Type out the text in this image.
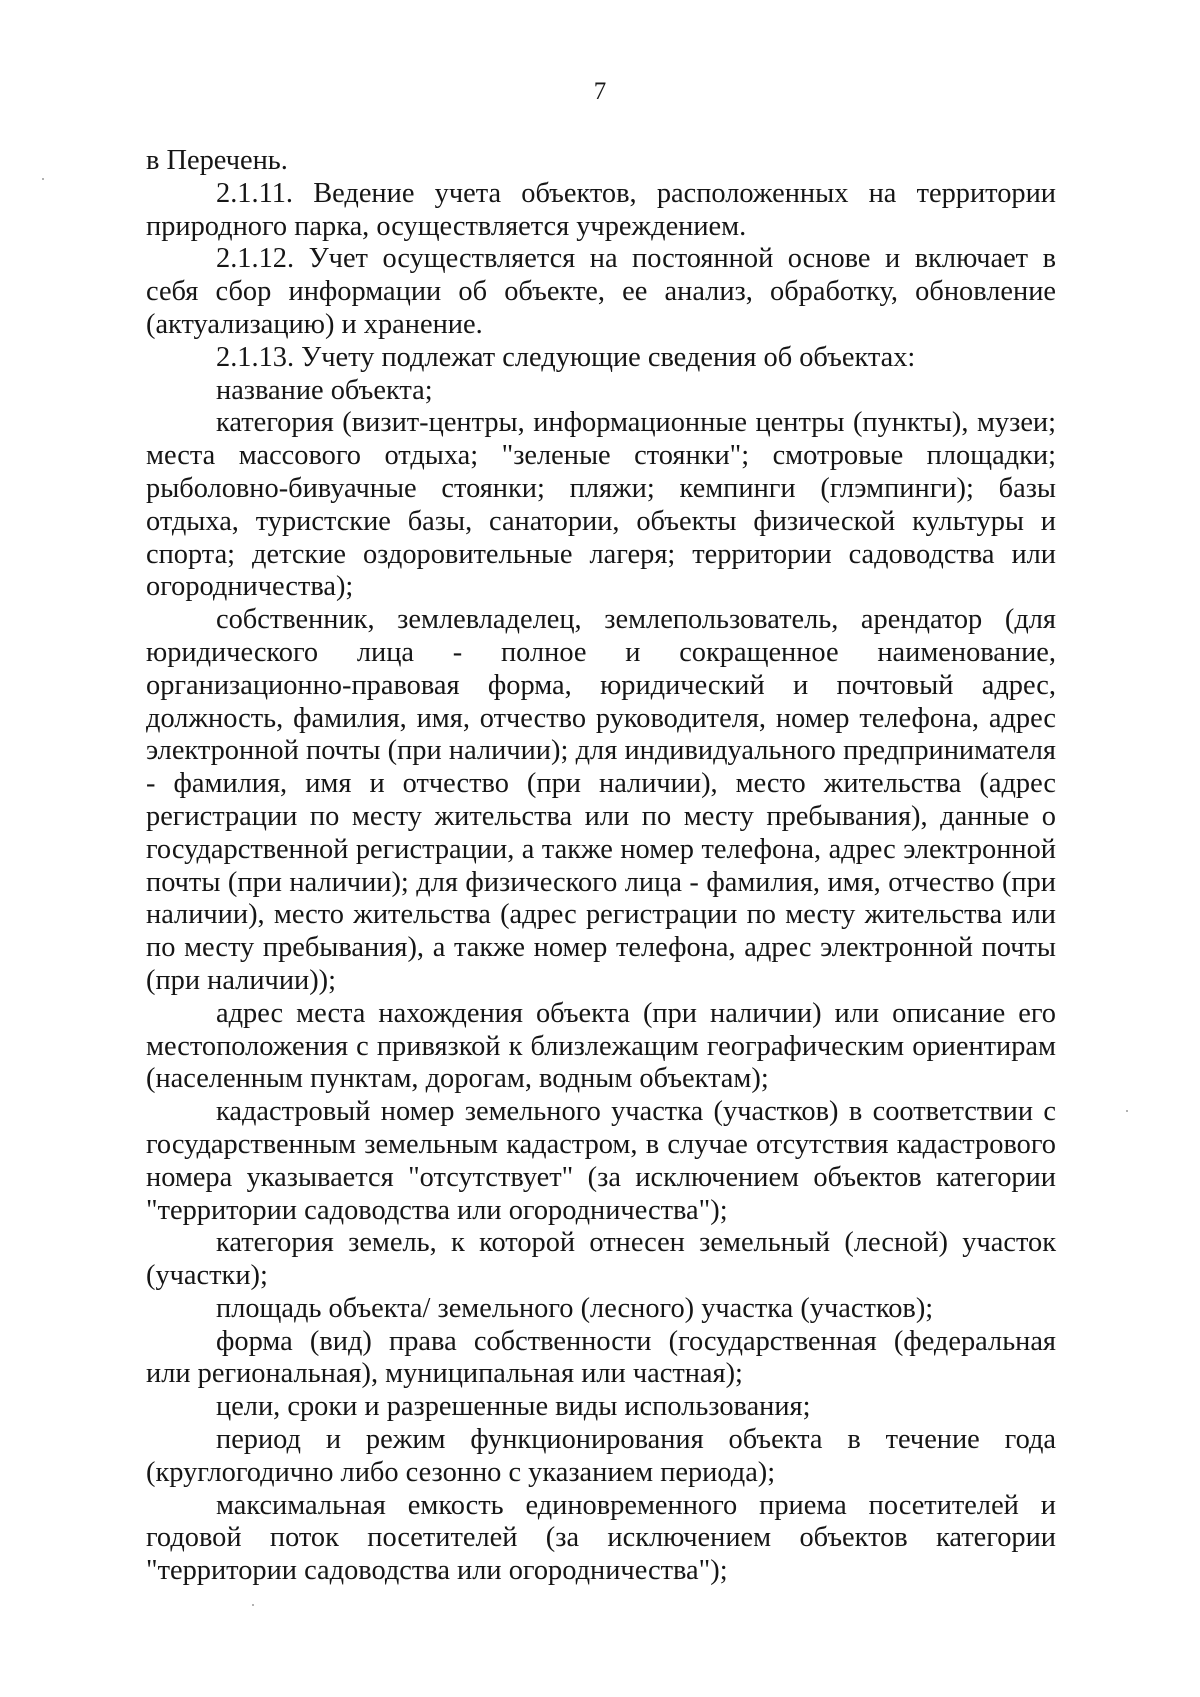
7

в Перечень.

2.1.11. Ведение учета объектов, расположенных на территории природного парка, осуществляется учреждением.

2.1.12. Учет осуществляется на постоянной основе и включает в себя сбор информации об объекте, ее анализ, обработку, обновление (актуализацию) и хранение.

2.1.13. Учету подлежат следующие сведения об объектах:

название объекта;

категория (визит-центры, информационные центры (пункты), музеи; места массового отдыха; "зеленые стоянки"; смотровые площадки; рыболовно-бивуачные стоянки; пляжи; кемпинги (глэмпинги); базы отдыха, туристские базы, санатории, объекты физической культуры и спорта; детские оздоровительные лагеря; территории садоводства или огородничества);

собственник, землевладелец, землепользователь, арендатор (для юридического лица - полное и сокращенное наименование, организационно-правовая форма, юридический и почтовый адрес, должность, фамилия, имя, отчество руководителя, номер телефона, адрес электронной почты (при наличии); для индивидуального предпринимателя - фамилия, имя и отчество (при наличии), место жительства (адрес регистрации по месту жительства или по месту пребывания), данные о государственной регистрации, а также номер телефона, адрес электронной почты (при наличии); для физического лица - фамилия, имя, отчество (при наличии), место жительства (адрес регистрации по месту жительства или по месту пребывания), а также номер телефона, адрес электронной почты (при наличии));

адрес места нахождения объекта (при наличии) или описание его местоположения с привязкой к близлежащим географическим ориентирам (населенным пунктам, дорогам, водным объектам);

кадастровый номер земельного участка (участков) в соответствии с государственным земельным кадастром, в случае отсутствия кадастрового номера указывается "отсутствует" (за исключением объектов категории "территории садоводства или огородничества");

категория земель, к которой отнесен земельный (лесной) участок (участки);

площадь объекта/ земельного (лесного) участка (участков);

форма (вид) права собственности (государственная (федеральная или региональная), муниципальная или частная);

цели, сроки и разрешенные виды использования;

период и режим функционирования объекта в течение года (круглогодично либо сезонно с указанием периода);

максимальная емкость единовременного приема посетителей и годовой поток посетителей (за исключением объектов категории "территории садоводства или огородничества");
